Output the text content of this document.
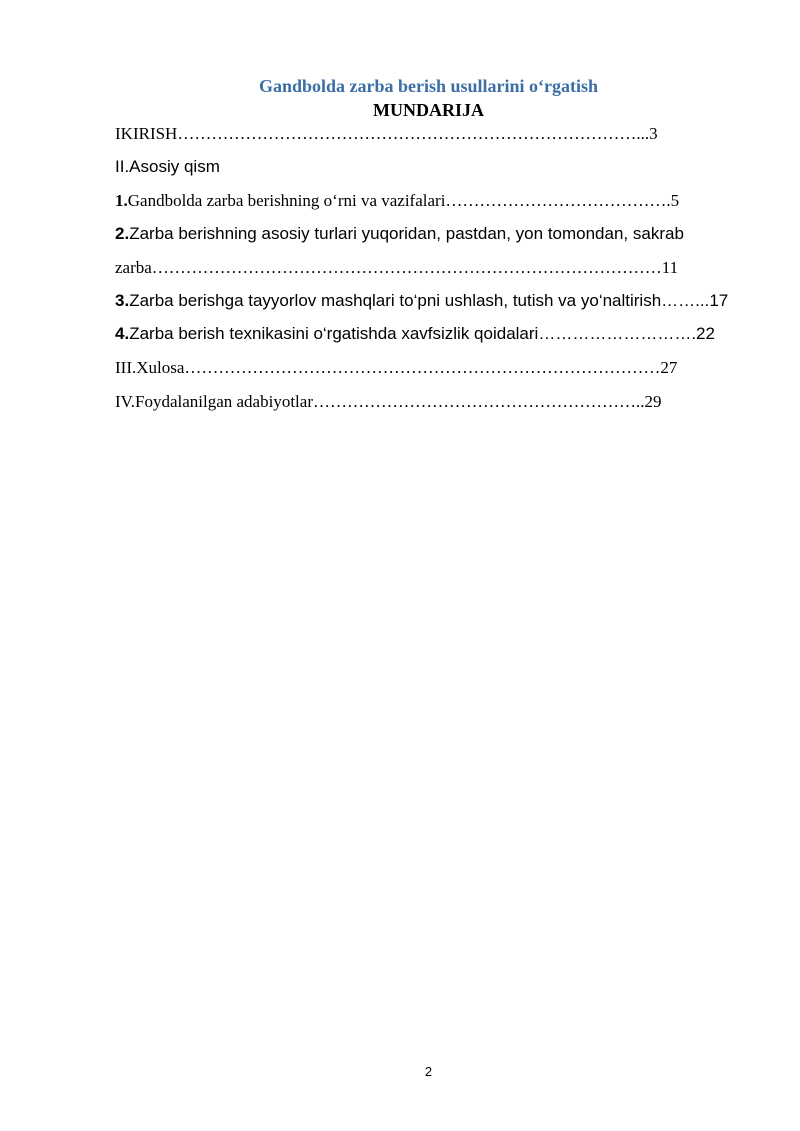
Gandbolda zarba berish usullarini o‘rgatish
MUNDARIJA
IKIRISH………………………………………………………………………...3
II.Asosiy qism
1.Gandbolda zarba berishning o‘rni va vazifalari………………………………….5
2.Zarba berishning asosiy turlari yuqoridan, pastdan, yon tomondan, sakrab
zarba………………………………………………………………………………11
3.Zarba berishga tayyorlov mashqlari to‘pni ushlash, tutish va yo‘naltirish……...17
4.Zarba berish texnikasini o‘rgatishda xavfsizlik qoidalari……………………….22
III.Xulosa…………………………………………………………………………27
IV.Foydalanilgan adabiyotlar…………………………………………………..29
2
